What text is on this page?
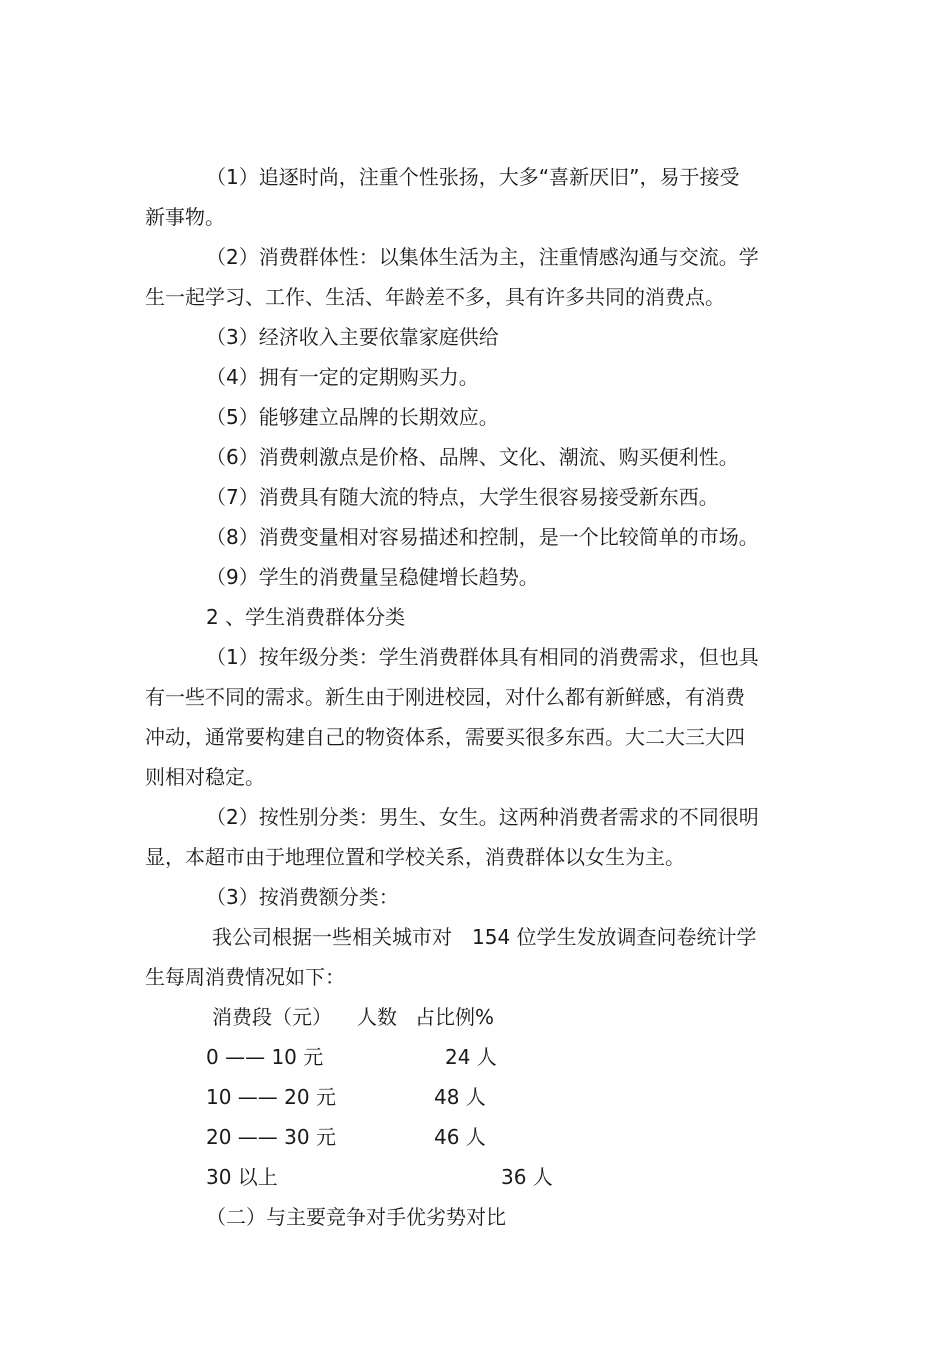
（1）追逐时尚，注重个性张扬，大多“喜新厌旧”，易于接受
新事物。
（2）消费群体性：以集体生活为主，注重情感沟通与交流。学
生一起学习、工作、生活、年龄差不多，具有许多共同的消费点。
（3）经济收入主要依靠家庭供给
（4）拥有一定的定期购买力。
（5）能够建立品牌的长期效应。
（6）消费刺激点是价格、品牌、文化、潮流、购买便利性。
（7）消费具有随大流的特点，大学生很容易接受新东西。
（8）消费变量相对容易描述和控制，是一个比较简单的市场。
（9）学生的消费量呈稳健增长趋势。
2 、学生消费群体分类
（1）按年级分类：学生消费群体具有相同的消费需求，但也具
有一些不同的需求。新生由于刚进校园，对什么都有新鲜感，有消费
冲动，通常要构建自己的物资体系，需要买很多东西。大二大三大四
则相对稳定。
（2）按性别分类：男生、女生。这两种消费者需求的不同很明
显，本超市由于地理位置和学校关系，消费群体以女生为主。
（3）按消费额分类：
我公司根据一些相关城市对　154 位学生发放调查问卷统计学
生每周消费情况如下：
消费段（元） 人数 占比例%
0 —— 10 元	24 人
10 —— 20 元	48 人
20 —— 30 元	46 人
30 以上	36 人
（二）与主要竞争对手优劣势对比
